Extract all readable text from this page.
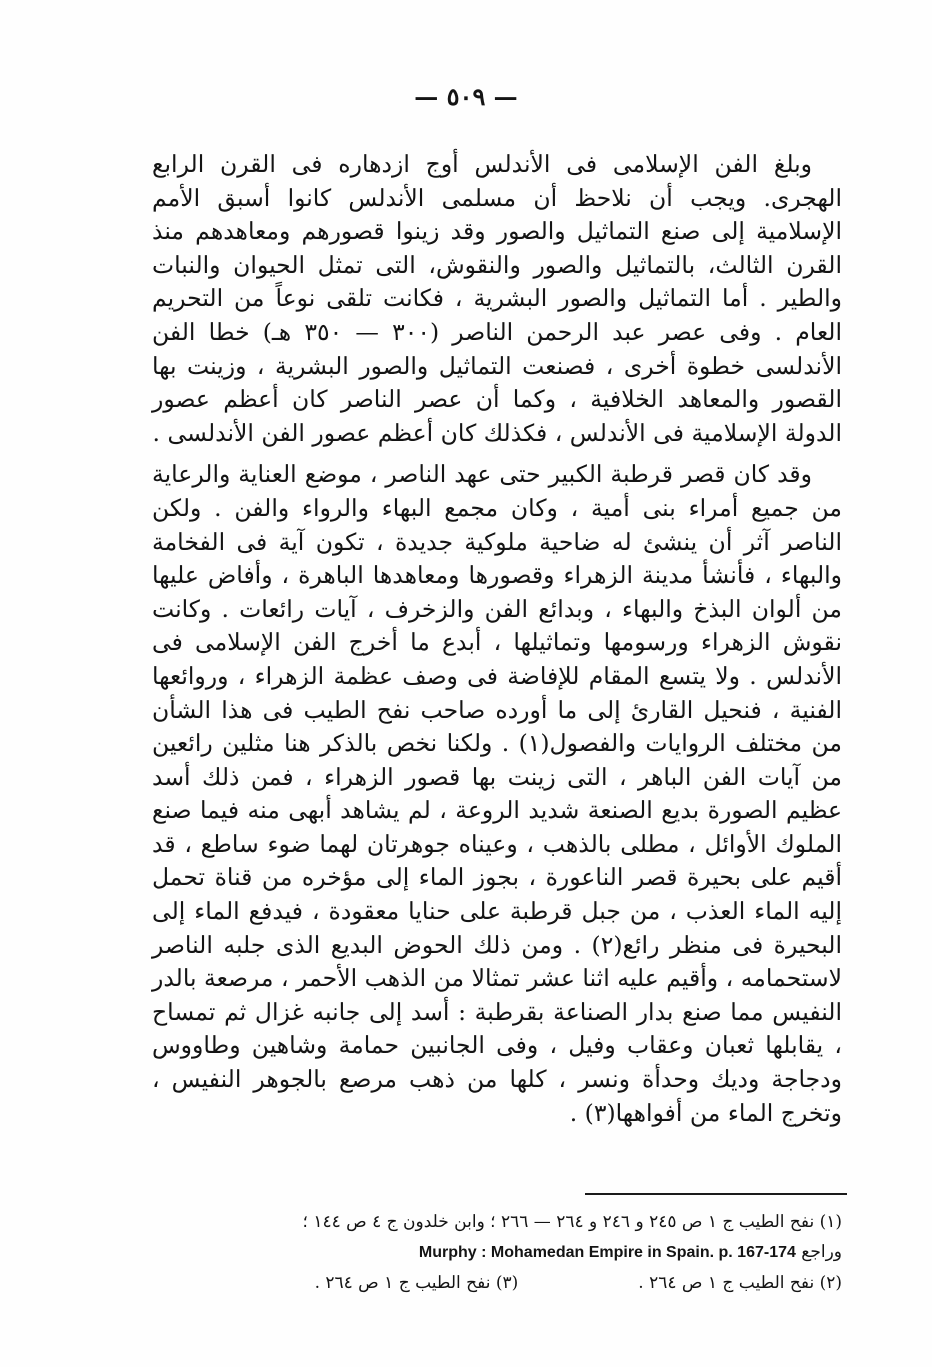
— ٥٠٩ —

وبلغ الفن الإسلامى فى الأندلس أوج ازدهاره فى القرن الرابع الهجرى. ويجب أن نلاحظ أن مسلمى الأندلس كانوا أسبق الأمم الإسلامية إلى صنع التماثيل والصور وقد زينوا قصورهم ومعاهدهم منذ القرن الثالث، بالتماثيل والصور والنقوش، التى تمثل الحيوان والنبات والطير . أما التماثيل والصور البشرية ، فكانت تلقى نوعاً من التحريم العام . وفى عصر عبد الرحمن الناصر (٣٠٠ — ٣٥٠ هـ) خطا الفن الأندلسى خطوة أخرى ، فصنعت التماثيل والصور البشرية ، وزينت بها القصور والمعاهد الخلافية ، وكما أن عصر الناصر كان أعظم عصور الدولة الإسلامية فى الأندلس ، فكذلك كان أعظم عصور الفن الأندلسى .

وقد كان قصر قرطبة الكبير حتى عهد الناصر ، موضع العناية والرعاية من جميع أمراء بنى أمية ، وكان مجمع البهاء والرواء والفن . ولكن الناصر آثر أن ينشئ له ضاحية ملوكية جديدة ، تكون آية فى الفخامة والبهاء ، فأنشأ مدينة الزهراء وقصورها ومعاهدها الباهرة ، وأفاض عليها من ألوان البذخ والبهاء ، وبدائع الفن والزخرف ، آيات رائعات . وكانت نقوش الزهراء ورسومها وتماثيلها ، أبدع ما أخرج الفن الإسلامى فى الأندلس . ولا يتسع المقام للإفاضة فى وصف عظمة الزهراء ، وروائعها الفنية ، فنحيل القارئ إلى ما أورده صاحب نفح الطيب فى هذا الشأن من مختلف الروايات والفصول(١) . ولكنا نخص بالذكر هنا مثلين رائعين من آيات الفن الباهر ، التى زينت بها قصور الزهراء ، فمن ذلك أسد عظيم الصورة بديع الصنعة شديد الروعة ، لم يشاهد أبهى منه فيما صنع الملوك الأوائل ، مطلى بالذهب ، وعيناه جوهرتان لهما ضوء ساطع ، قد أقيم على بحيرة قصر الناعورة ، بجوز الماء إلى مؤخره من قناة تحمل إليه الماء العذب ، من جبل قرطبة على حنايا معقودة ، فيدفع الماء إلى البحيرة فى منظر رائع(٢) . ومن ذلك الحوض البديع الذى جلبه الناصر لاستحمامه ، وأقيم عليه اثنا عشر تمثالا من الذهب الأحمر ، مرصعة بالدر النفيس مما صنع بدار الصناعة بقرطبة : أسد إلى جانبه غزال ثم تمساح ، يقابلها ثعبان وعقاب وفيل ، وفى الجانبين حمامة وشاهين وطاووس ودجاجة وديك وحدأة ونسر ، كلها من ذهب مرصع بالجوهر النفيس ، وتخرج الماء من أفواهها(٣) .

(١) نفح الطيب ج ١ ص ٢٤٥ و ٢٤٦ و ٢٦٤ — ٢٦٦ ؛ وابن خلدون ج ٤ ص ١٤٤ ؛

وراجع Murphy : Mohamedan Empire in Spain. p. 167-174

(٢) نفح الطيب ج ١ ص ٢٦٤ .
(٣) نفح الطيب ج ١ ص ٢٦٤ .
